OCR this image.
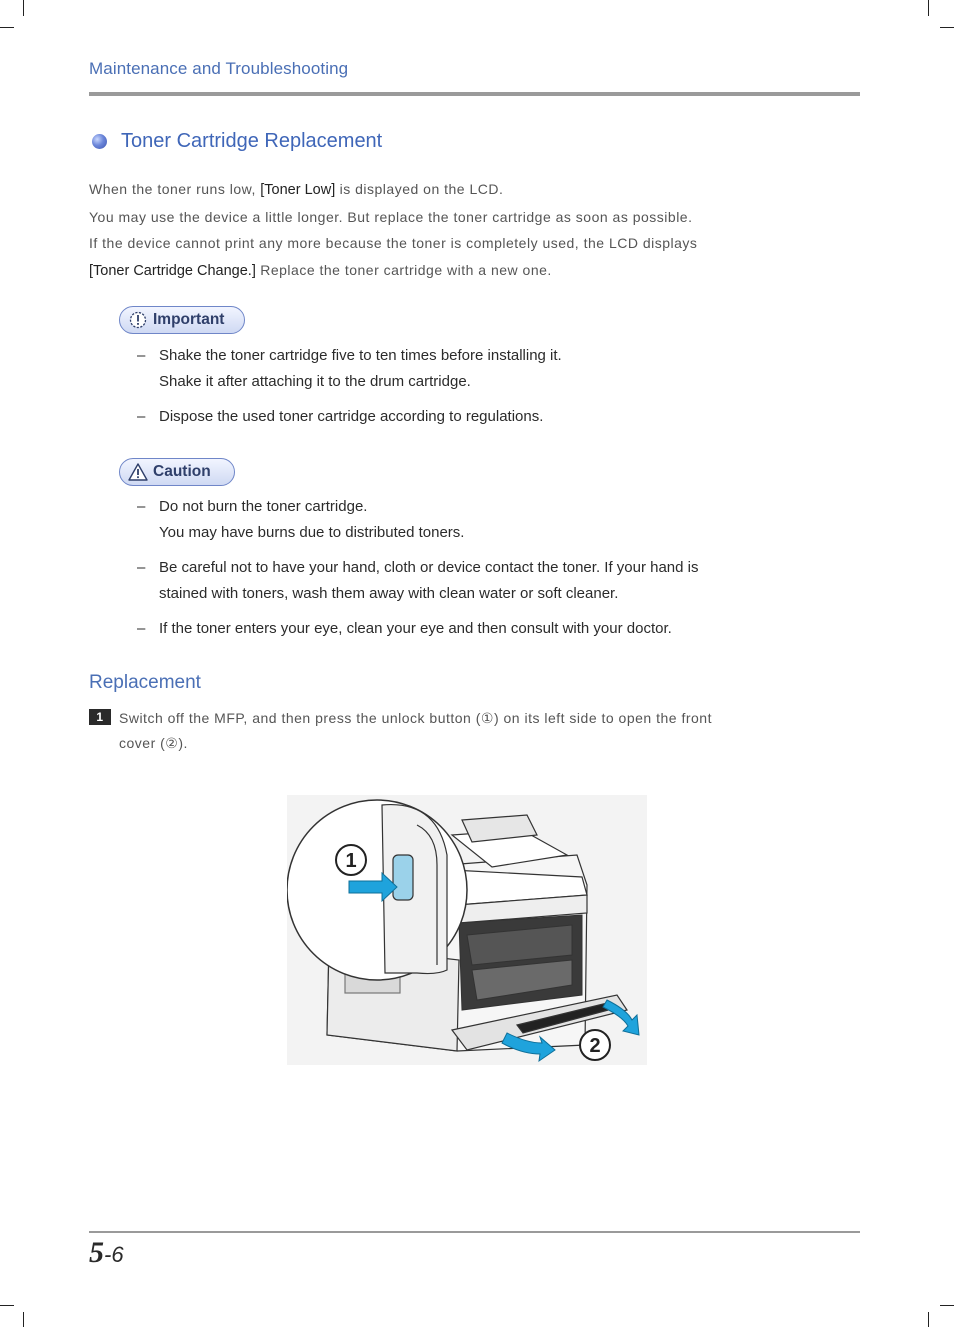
Maintenance and Troubleshooting
Toner Cartridge Replacement
When the toner runs low, [Toner Low] is displayed on the LCD.
You may use the device a little longer. But replace the toner cartridge as soon as possible.
If the device cannot print any more because the toner is completely used, the LCD displays
[Toner Cartridge Change.] Replace the toner cartridge with a new one.
Important
– Shake the toner cartridge five to ten times before installing it.
Shake it after attaching it to the drum cartridge.
– Dispose the used toner cartridge according to regulations.
Caution
– Do not burn the toner cartridge.
You may have burns due to distributed toners.
– Be careful not to have your hand, cloth or device contact the toner. If your hand is
stained with toners, wash them away with clean water or soft cleaner.
– If the toner enters your eye, clean your eye and then consult with your doctor.
Replacement
1	Switch off the MFP, and then press the unlock button (①) on its left side to open the front
cover (②).
1
2
5-6
